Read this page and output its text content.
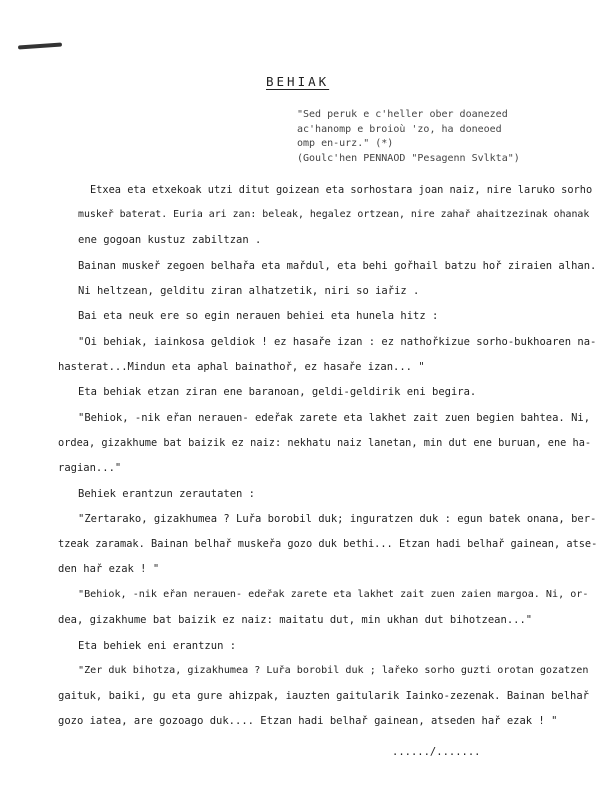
BEHIAK
"Sed peruk e c'heller ober doanezed
ac'hanomp e broioù 'zo, ha doneoed
omp en-urz." (*)
(Goulc'hen PENNAOD "Pesagenn Svlkta")
Etxea eta etxekoak utzi ditut goizean eta sorhostara joan naiz, nire laruko sorho
muskeř baterat. Euria ari zan: beleak, hegalez ortzean, nire zahař ahaitzezinak ohanak
ene gogoan kustuz zabiltzan .
Bainan muskeř zegoen belhařa eta mařdul, eta behi gořhail batzu hoř ziraien alhan.
Ni heltzean, gelditu ziran alhatzetik, niri so iařiz .
Bai eta neuk ere so egin nerauen behiei eta hunela hitz :
"Oi behiak, iainkosa geldiok ! ez hasaře izan : ez nathořkizue sorho-bukhoaren na-
hasterat...Mindun eta aphal bainathoř, ez hasaře izan... "
Eta behiak etzan ziran ene baranoan, geldi-geldirik eni begira.
"Behiok, -nik eřan nerauen- edeřak zarete eta lakhet zait zuen begien bahtea. Ni,
ordea, gizakhume bat baizik ez naiz: nekhatu naiz lanetan, min dut ene buruan, ene ha-
ragian..."
Behiek erantzun zerautaten :
"Zertarako, gizakhumea ? Luřa borobil duk; inguratzen duk : egun batek onana, ber-
tzeak zaramak. Bainan belhař muskeřa gozo duk bethi... Etzan hadi belhař gainean, atse-
den hař ezak ! "
"Behiok, -nik eřan nerauen- edeřak zarete eta lakhet zait zuen zaien margoa. Ni, or-
dea, gizakhume bat baizik ez naiz: maitatu dut, min ukhan dut bihotzean..."
Eta behiek eni erantzun :
"Zer duk bihotza, gizakhumea ? Luřa borobil duk ; lařeko sorho guzti orotan gozatzen
gaituk, baiki, gu eta gure ahizpak, iauzten gaitularik Iainko-zezenak. Bainan belhař
gozo iatea, are gozoago duk.... Etzan hadi belhař gainean, atseden hař ezak ! "
....../.......
